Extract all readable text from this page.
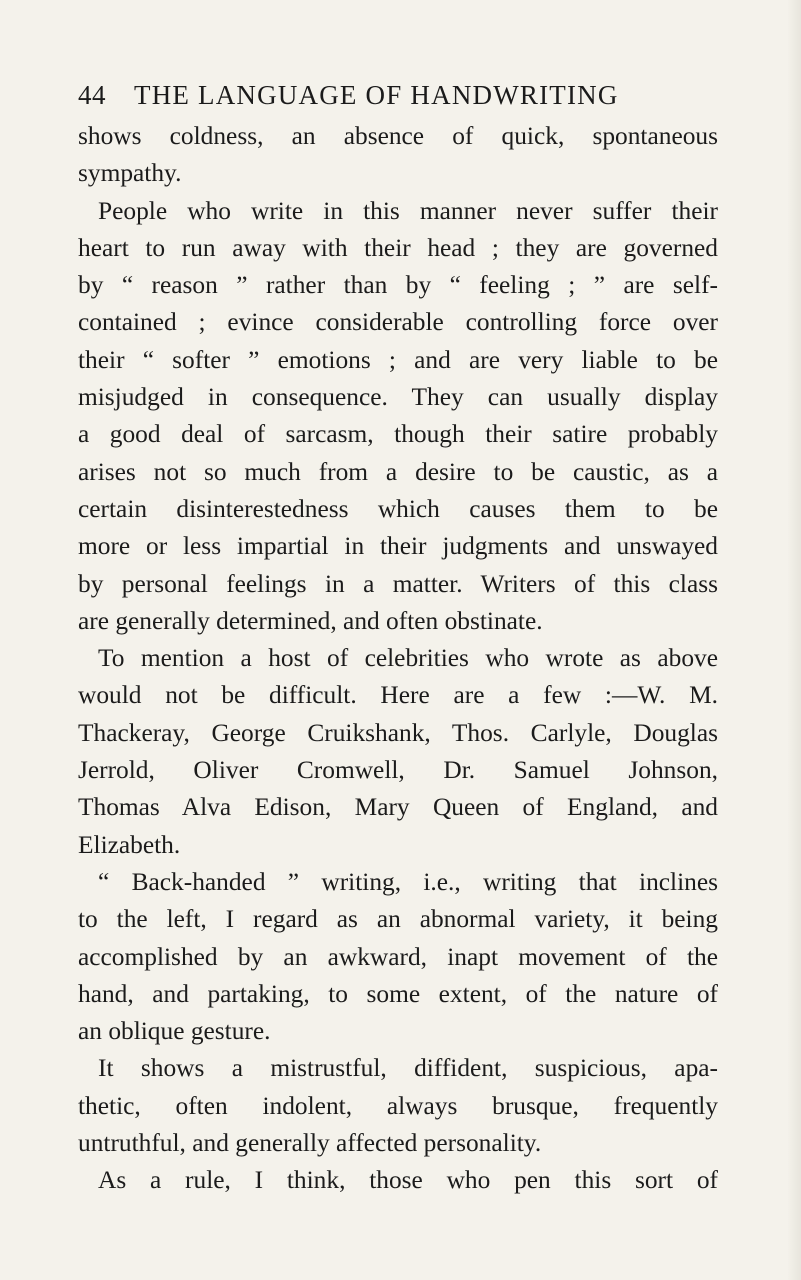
44	THE LANGUAGE OF HANDWRITING
shows coldness, an absence of quick, spontaneous
sympathy.
People who write in this manner never suffer their
heart to run away with their head ; they are governed
by “ reason ” rather than by “ feeling ; ” are self-
contained ; evince considerable controlling force over
their “ softer ” emotions ; and are very liable to be
misjudged in consequence. They can usually display
a good deal of sarcasm, though their satire probably
arises not so much from a desire to be caustic, as a
certain disinterestedness which causes them to be
more or less impartial in their judgments and unswayed
by personal feelings in a matter. Writers of this class
are generally determined, and often obstinate.
To mention a host of celebrities who wrote as above
would not be difficult. Here are a few :—W. M.
Thackeray, George Cruikshank, Thos. Carlyle, Douglas
Jerrold, Oliver Cromwell, Dr. Samuel Johnson,
Thomas Alva Edison, Mary Queen of England, and
Elizabeth.
“ Back-handed ” writing, i.e., writing that inclines
to the left, I regard as an abnormal variety, it being
accomplished by an awkward, inapt movement of the
hand, and partaking, to some extent, of the nature of
an oblique gesture.
It shows a mistrustful, diffident, suspicious, apa-
thetic, often indolent, always brusque, frequently
untruthful, and generally affected personality.
As a rule, I think, those who pen this sort of
